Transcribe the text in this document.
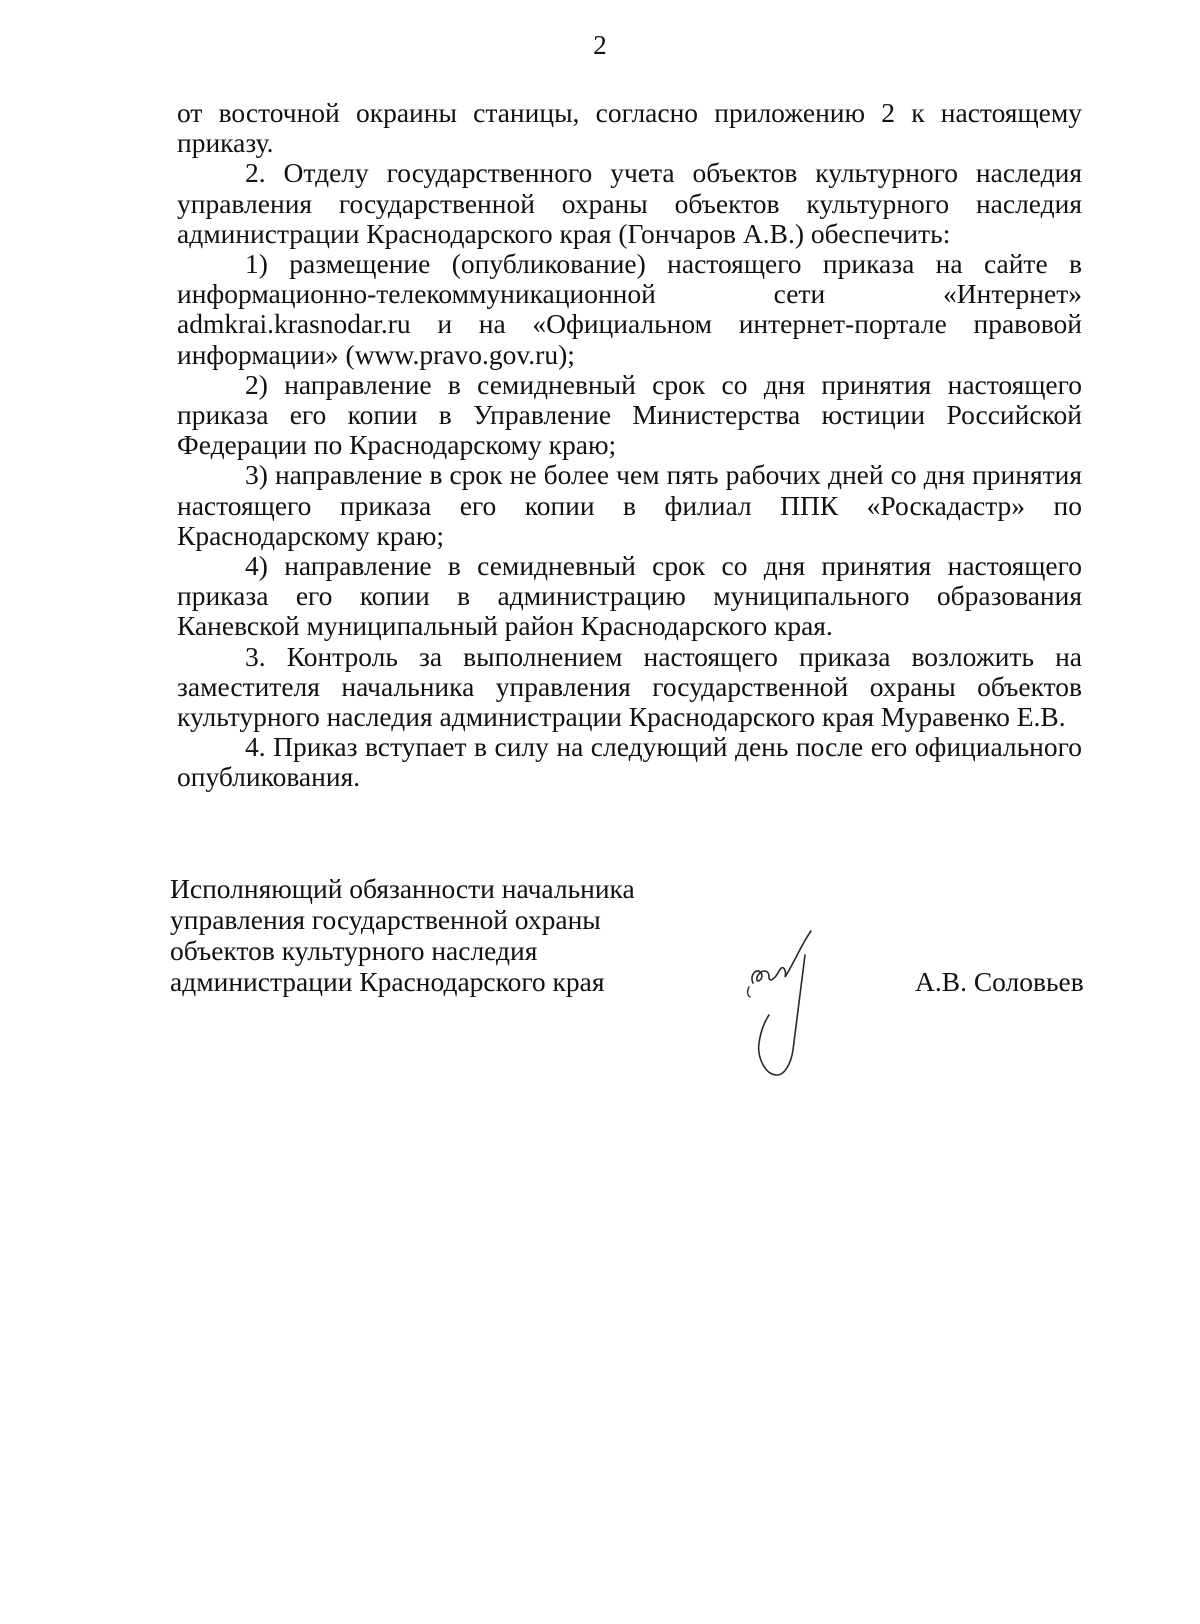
2

от восточной окраины станицы, согласно приложению 2 к настоящему приказу.

2. Отделу государственного учета объектов культурного наследия управления государственной охраны объектов культурного наследия администрации Краснодарского края (Гончаров А.В.) обеспечить:

1) размещение (опубликование) настоящего приказа на сайте в информационно-телекоммуникационной сети «Интернет» admkrai.krasnodar.ru и на «Официальном интернет-портале правовой информации» (www.pravo.gov.ru);

2) направление в семидневный срок со дня принятия настоящего приказа его копии в Управление Министерства юстиции Российской Федерации по Краснодарскому краю;

3) направление в срок не более чем пять рабочих дней со дня принятия настоящего приказа его копии в филиал ППК «Роскадастр» по Краснодарскому краю;

4) направление в семидневный срок со дня принятия настоящего приказа его копии в администрацию муниципального образования Каневской муниципальный район Краснодарского края.

3. Контроль за выполнением настоящего приказа возложить на заместителя начальника управления государственной охраны объектов культурного наследия администрации Краснодарского края Муравенко Е.В.

4. Приказ вступает в силу на следующий день после его официального опубликования.

Исполняющий обязанности начальника
управления государственной охраны
объектов культурного наследия
администрации Краснодарского края	А.В. Соловьев
